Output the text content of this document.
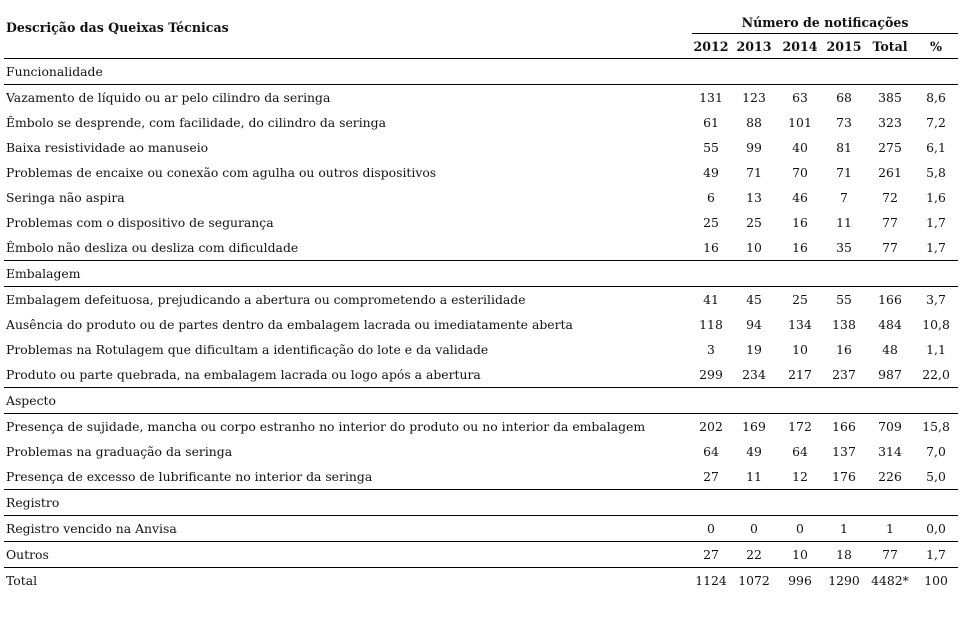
Descrição das Queixas Técnicas	Número de notificações					
	2012	2013	2014	2015	Total	%
Funcionalidade						
Vazamento de líquido ou ar pelo cilindro da seringa	131	123	63	68	385	8,6
Êmbolo se desprende, com facilidade, do cilindro da seringa	61	88	101	73	323	7,2
Baixa resistividade ao manuseio	55	99	40	81	275	6,1
Problemas de encaixe ou conexão com agulha ou outros dispositivos	49	71	70	71	261	5,8
Seringa não aspira	6	13	46	7	72	1,6
Problemas com o dispositivo de segurança	25	25	16	11	77	1,7
Êmbolo não desliza ou desliza com dificuldade	16	10	16	35	77	1,7
Embalagem						
Embalagem defeituosa, prejudicando a abertura ou comprometendo a esterilidade	41	45	25	55	166	3,7
Ausência do produto ou de partes dentro da embalagem lacrada ou imediatamente aberta	118	94	134	138	484	10,8
Problemas na Rotulagem que dificultam a identificação do lote e da validade	3	19	10	16	48	1,1
Produto ou parte quebrada, na embalagem lacrada ou logo após a abertura	299	234	217	237	987	22,0
Aspecto						
Presença de sujidade, mancha ou corpo estranho no interior do produto ou no interior da embalagem	202	169	172	166	709	15,8
Problemas na graduação da seringa	64	49	64	137	314	7,0
Presença de excesso de lubrificante no interior da seringa	27	11	12	176	226	5,0
Registro						
Registro vencido na Anvisa	0	0	0	1	1	0,0
Outros	27	22	10	18	77	1,7
Total	1124	1072	996	1290	4482*	100
